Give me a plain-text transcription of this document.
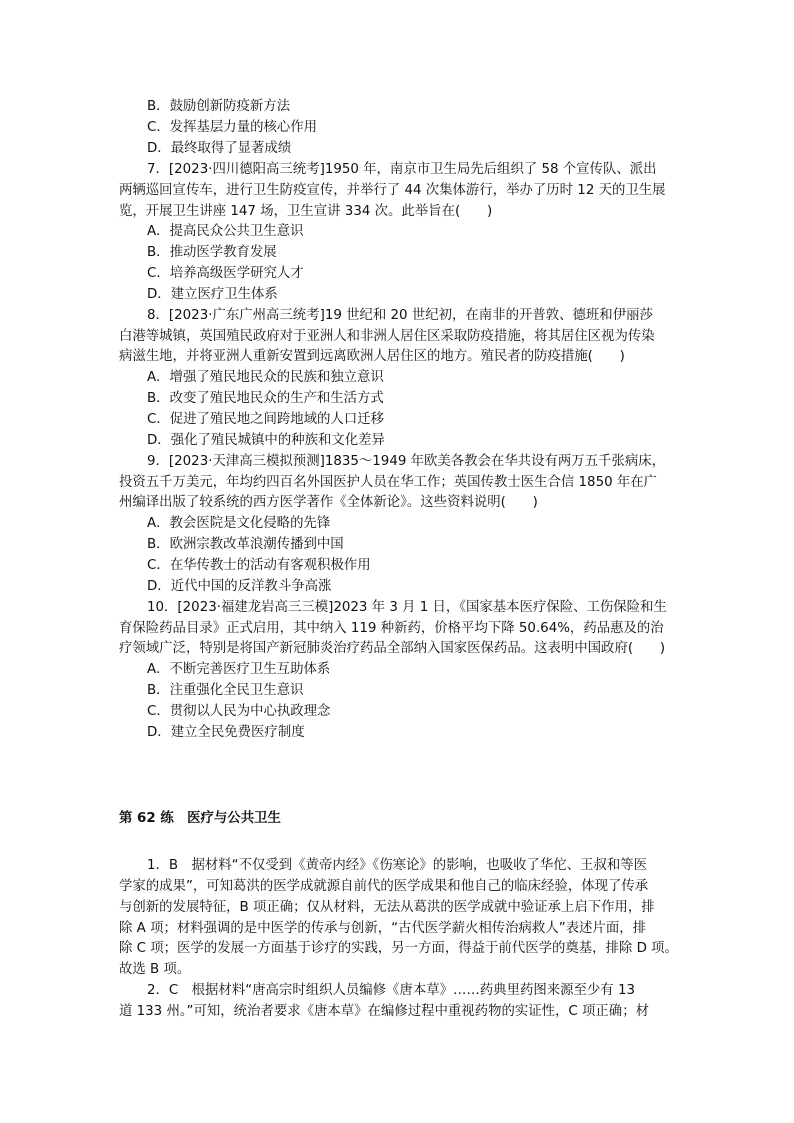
B．鼓励创新防疫新方法
C．发挥基层力量的核心作用
D．最终取得了显著成绩
7．[2023·四川德阳高三统考]1950 年，南京市卫生局先后组织了 58 个宣传队、派出
两辆巡回宣传车，进行卫生防疫宣传，并举行了 44 次集体游行，举办了历时 12 天的卫生展
览，开展卫生讲座 147 场，卫生宣讲 334 次。此举旨在(　　)
A．提高民众公共卫生意识
B．推动医学教育发展
C．培养高级医学研究人才
D．建立医疗卫生体系
8．[2023·广东广州高三统考]19 世纪和 20 世纪初，在南非的开普敦、德班和伊丽莎
白港等城镇，英国殖民政府对于亚洲人和非洲人居住区采取防疫措施，将其居住区视为传染
病滋生地，并将亚洲人重新安置到远离欧洲人居住区的地方。殖民者的防疫措施(　　)
A．增强了殖民地民众的民族和独立意识
B．改变了殖民地民众的生产和生活方式
C．促进了殖民地之间跨地域的人口迁移
D．强化了殖民城镇中的种族和文化差异
9．[2023·天津高三模拟预测]1835～1949 年欧美各教会在华共设有两万五千张病床，
投资五千万美元，年均约四百名外国医护人员在华工作；英国传教士医生合信 1850 年在广
州编译出版了较系统的西方医学著作《全体新论》。这些资料说明(　　)
A．教会医院是文化侵略的先锋
B．欧洲宗教改革浪潮传播到中国
C．在华传教士的活动有客观积极作用
D．近代中国的反洋教斗争高涨
10．[2023·福建龙岩高三三模]2023 年 3 月 1 日，《国家基本医疗保险、工伤保险和生
育保险药品目录》正式启用，其中纳入 119 种新药，价格平均下降 50.64%，药品惠及的治
疗领域广泛，特别是将国产新冠肺炎治疗药品全部纳入国家医保药品。这表明中国政府(　　)
A．不断完善医疗卫生互助体系
B．注重强化全民卫生意识
C．贯彻以人民为中心执政理念
D．建立全民免费医疗制度
第 62 练　医疗与公共卫生
1．B　据材料“不仅受到《黄帝内经》《伤寒论》的影响，也吸收了华佗、王叔和等医
学家的成果”，可知葛洪的医学成就源自前代的医学成果和他自己的临床经验，体现了传承
与创新的发展特征，B 项正确；仅从材料，无法从葛洪的医学成就中验证承上启下作用，排
除 A 项；材料强调的是中医学的传承与创新，“古代医学薪火相传治病救人”表述片面，排
除 C 项；医学的发展一方面基于诊疗的实践，另一方面，得益于前代医学的奠基，排除 D 项。
故选 B 项。
2．C　根据材料“唐高宗时组织人员编修《唐本草》……药典里药图来源至少有 13
道 133 州。”可知，统治者要求《唐本草》在编修过程中重视药物的实证性，C 项正确；材
